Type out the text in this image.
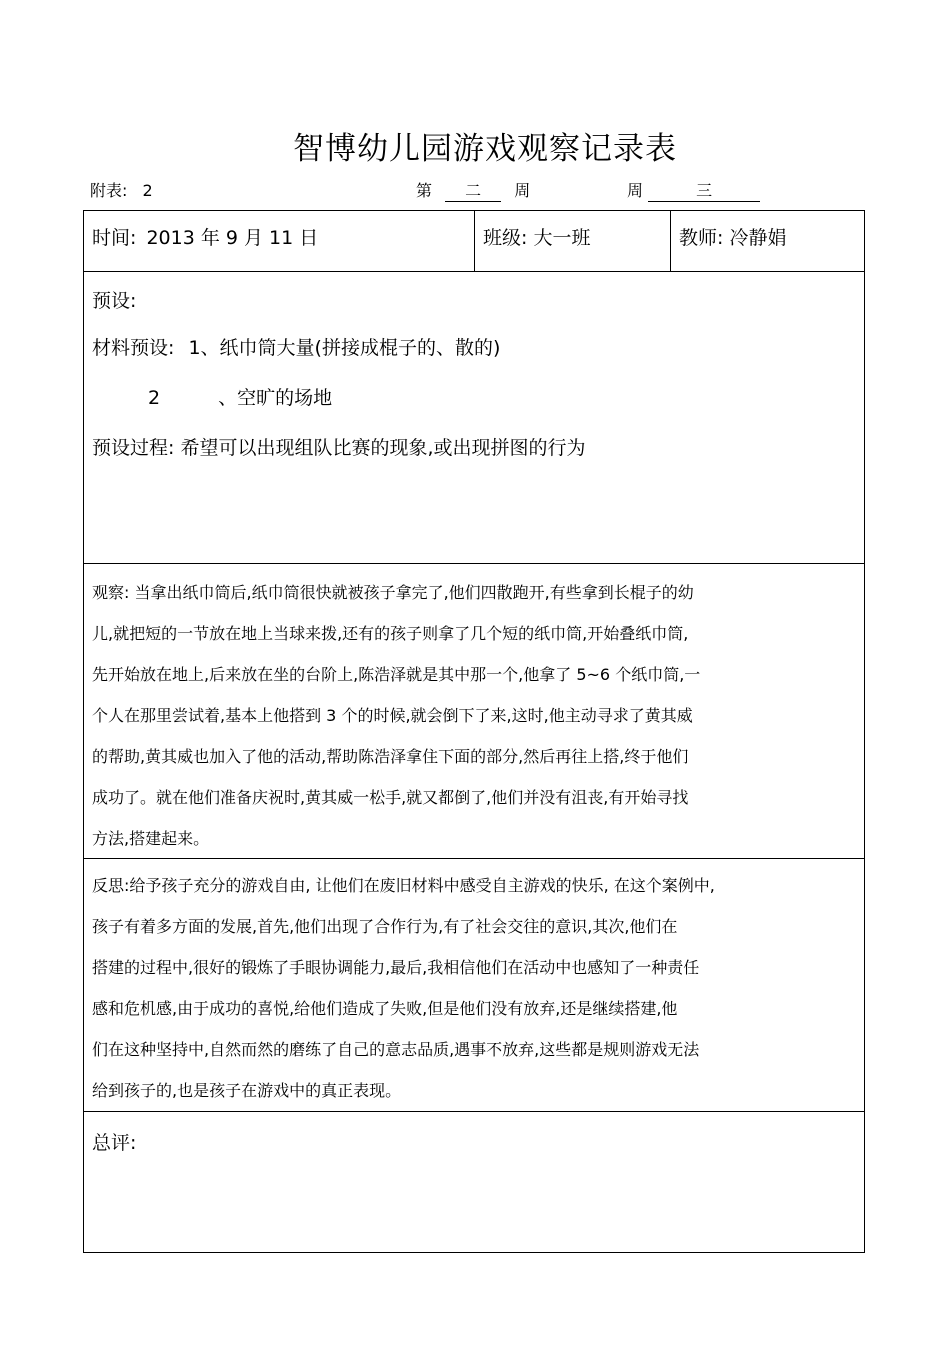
智博幼儿园游戏观察记录表
附表: 2	第 二 周	周	三
时间: 2013 年 9 月 11 日	班级: 大一班	教师: 冷静娟
预设:
材料预设: 1、纸巾筒大量(拼接成棍子的、散的)
2	、空旷的场地
预设过程: 希望可以出现组队比赛的现象,或出现拼图的行为
观察: 当拿出纸巾筒后,纸巾筒很快就被孩子拿完了,他们四散跑开,有些拿到长棍子的幼
儿,就把短的一节放在地上当球来拨,还有的孩子则拿了几个短的纸巾筒,开始叠纸巾筒,
先开始放在地上,后来放在坐的台阶上,陈浩泽就是其中那一个,他拿了 5~6 个纸巾筒,一
个人在那里尝试着,基本上他搭到 3 个的时候,就会倒下了来,这时,他主动寻求了黄其威
的帮助,黄其威也加入了他的活动,帮助陈浩泽拿住下面的部分,然后再往上搭,终于他们
成功了。就在他们准备庆祝时,黄其威一松手,就又都倒了,他们并没有沮丧,有开始寻找
方法,搭建起来。
反思:给予孩子充分的游戏自由, 让他们在废旧材料中感受自主游戏的快乐, 在这个案例中,
孩子有着多方面的发展,首先,他们出现了合作行为,有了社会交往的意识,其次,他们在
搭建的过程中,很好的锻炼了手眼协调能力,最后,我相信他们在活动中也感知了一种责任
感和危机感,由于成功的喜悦,给他们造成了失败,但是他们没有放弃,还是继续搭建,他
们在这种坚持中,自然而然的磨练了自己的意志品质,遇事不放弃,这些都是规则游戏无法
给到孩子的,也是孩子在游戏中的真正表现。
总评:
